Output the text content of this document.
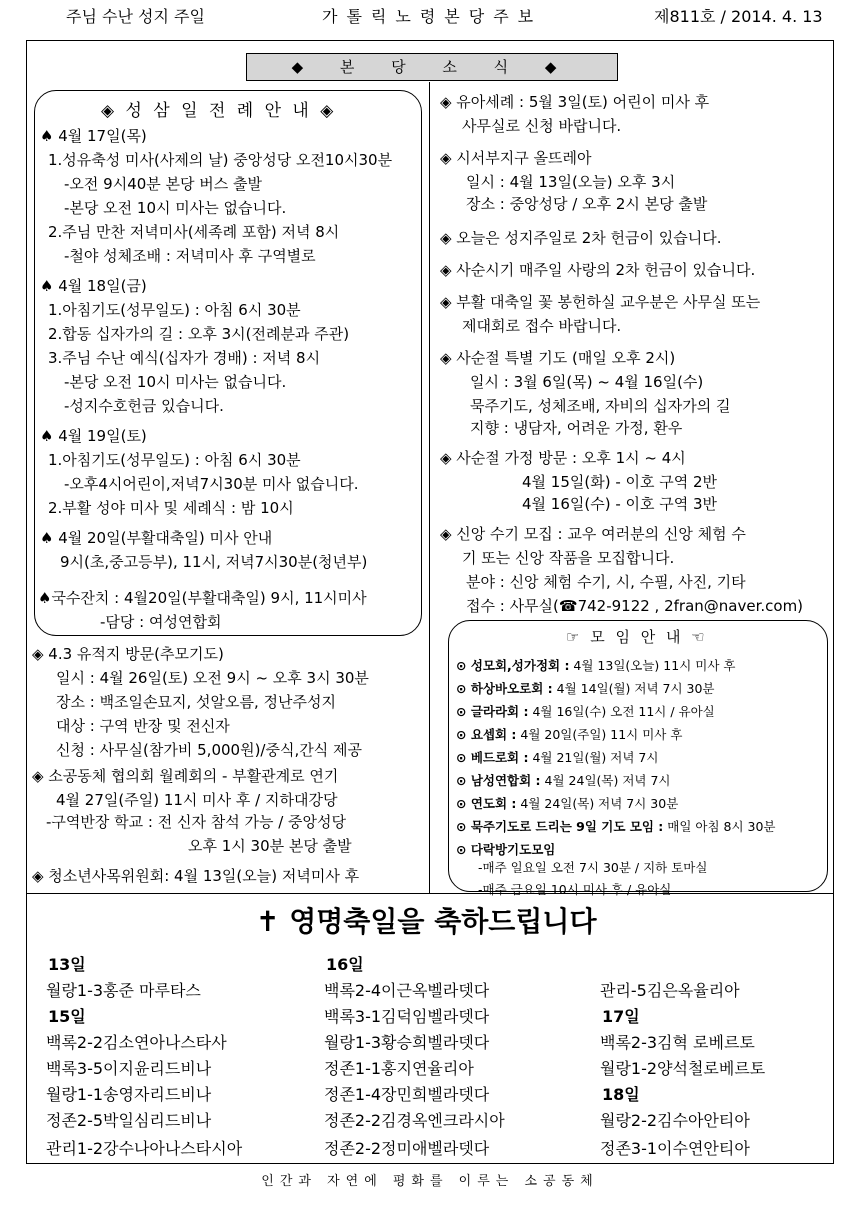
주님 수난 성지 주일	가톨릭노령본당주보	제811호 / 2014. 4. 13
◆ 본 당 소 식 ◆
◈ 성 삼 일 전 례 안 내 ◈
♠ 4월 17일(목)
1.성유축성 미사(사제의 날) 중앙성당 오전10시30분
-오전 9시40분 본당 버스 출발
-본당 오전 10시 미사는 없습니다.
2.주님 만찬 저녁미사(세족례 포함) 저녁 8시
-철야 성체조배 : 저녁미사 후 구역별로
♠ 4월 18일(금)
1.아침기도(성무일도) : 아침 6시 30분
2.합동 십자가의 길 : 오후 3시(전례분과 주관)
3.주님 수난 예식(십자가 경배) : 저녁 8시
-본당 오전 10시 미사는 없습니다.
-성지수호헌금 있습니다.
♠ 4월 19일(토)
1.아침기도(성무일도) : 아침 6시 30분
-오후4시어린이,저녁7시30분 미사 없습니다.
2.부활 성야 미사 및 세례식 : 밤 10시
♠ 4월 20일(부활대축일) 미사 안내
9시(초,중고등부), 11시, 저녁7시30분(청년부)
♠국수잔치 : 4월20일(부활대축일) 9시, 11시미사
-담당 : 여성연합회
◈ 4.3 유적지 방문(추모기도)
일시 : 4월 26일(토) 오전 9시 ~ 오후 3시 30분
장소 : 백조일손묘지, 섯알오름, 정난주성지
대상 : 구역 반장 및 전신자
신청 : 사무실(참가비 5,000원)/중식,간식 제공
◈ 소공동체 협의회 월례회의 - 부활관계로 연기
4월 27일(주일) 11시 미사 후 / 지하대강당
-구역반장 학교 : 전 신자 참석 가능 / 중앙성당
오후 1시 30분 본당 출발
◈ 청소년사목위원회: 4월 13일(오늘) 저녁미사 후
◈ 유아세례 : 5월 3일(토) 어린이 미사 후
사무실로 신청 바랍니다.
◈ 시서부지구 올뜨레아
일시 : 4월 13일(오늘) 오후 3시
장소 : 중앙성당 / 오후 2시 본당 출발
◈ 오늘은 성지주일로 2차 헌금이 있습니다.
◈ 사순시기 매주일 사랑의 2차 헌금이 있습니다.
◈ 부활 대축일 꽃 봉헌하실 교우분은 사무실 또는
제대회로 접수 바랍니다.
◈ 사순절 특별 기도 (매일 오후 2시)
일시 : 3월 6일(목) ~ 4월 16일(수)
묵주기도, 성체조배, 자비의 십자가의 길
지향 : 냉담자, 어려운 가정, 환우
◈ 사순절 가정 방문 : 오후 1시 ~ 4시
4월 15일(화) - 이호 구역 2반
4월 16일(수) - 이호 구역 3반
◈ 신앙 수기 모집 : 교우 여러분의 신앙 체험 수
기 또는 신앙 작품을 모집합니다.
분야 : 신앙 체험 수기, 시, 수필, 사진, 기타
접수 : 사무실(☎742-9122 , 2fran@naver.com)
☞ 모 임 안 내 ☜
⊙ 성모회,성가정회 : 4월 13일(오늘) 11시 미사 후
⊙ 하상바오로회 : 4월 14일(월) 저녁 7시 30분
⊙ 글라라회 : 4월 16일(수) 오전 11시 / 유아실
⊙ 요셉회 : 4월 20일(주일) 11시 미사 후
⊙ 베드로회 : 4월 21일(월) 저녁 7시
⊙ 남성연합회 : 4월 24일(목) 저녁 7시
⊙ 연도회 : 4월 24일(목) 저녁 7시 30분
⊙ 묵주기도로 드리는 9일 기도 모임 : 매일 아침 8시 30분
⊙ 다락방기도모임
-매주 일요일 오전 7시 30분 / 지하 토마실
-매주 금요일 10시 미사 후 / 유아실
✝ 영명축일을 축하드립니다
13일
월랑1-3홍준 마루타스
15일
백록2-2김소연아나스타사
백록3-5이지윤리드비나
월랑1-1송영자리드비나
정존2-5박일심리드비나
관리1-2강수나아나스타시아
16일
백록2-4이근옥벨라뎃다
백록3-1김덕임벨라뎃다
월랑1-3황승희벨라뎃다
정존1-1홍지연율리아
정존1-4장민희벨라뎃다
정존2-2김경옥엔크라시아
정존2-2정미애벨라뎃다
관리-5김은옥율리아
17일
백록2-3김혁 로베르토
월랑1-2양석철로베르토
18일
월랑2-2김수아안티아
정존3-1이수연안티아
인간과 자연에 평화를 이루는 소공동체
